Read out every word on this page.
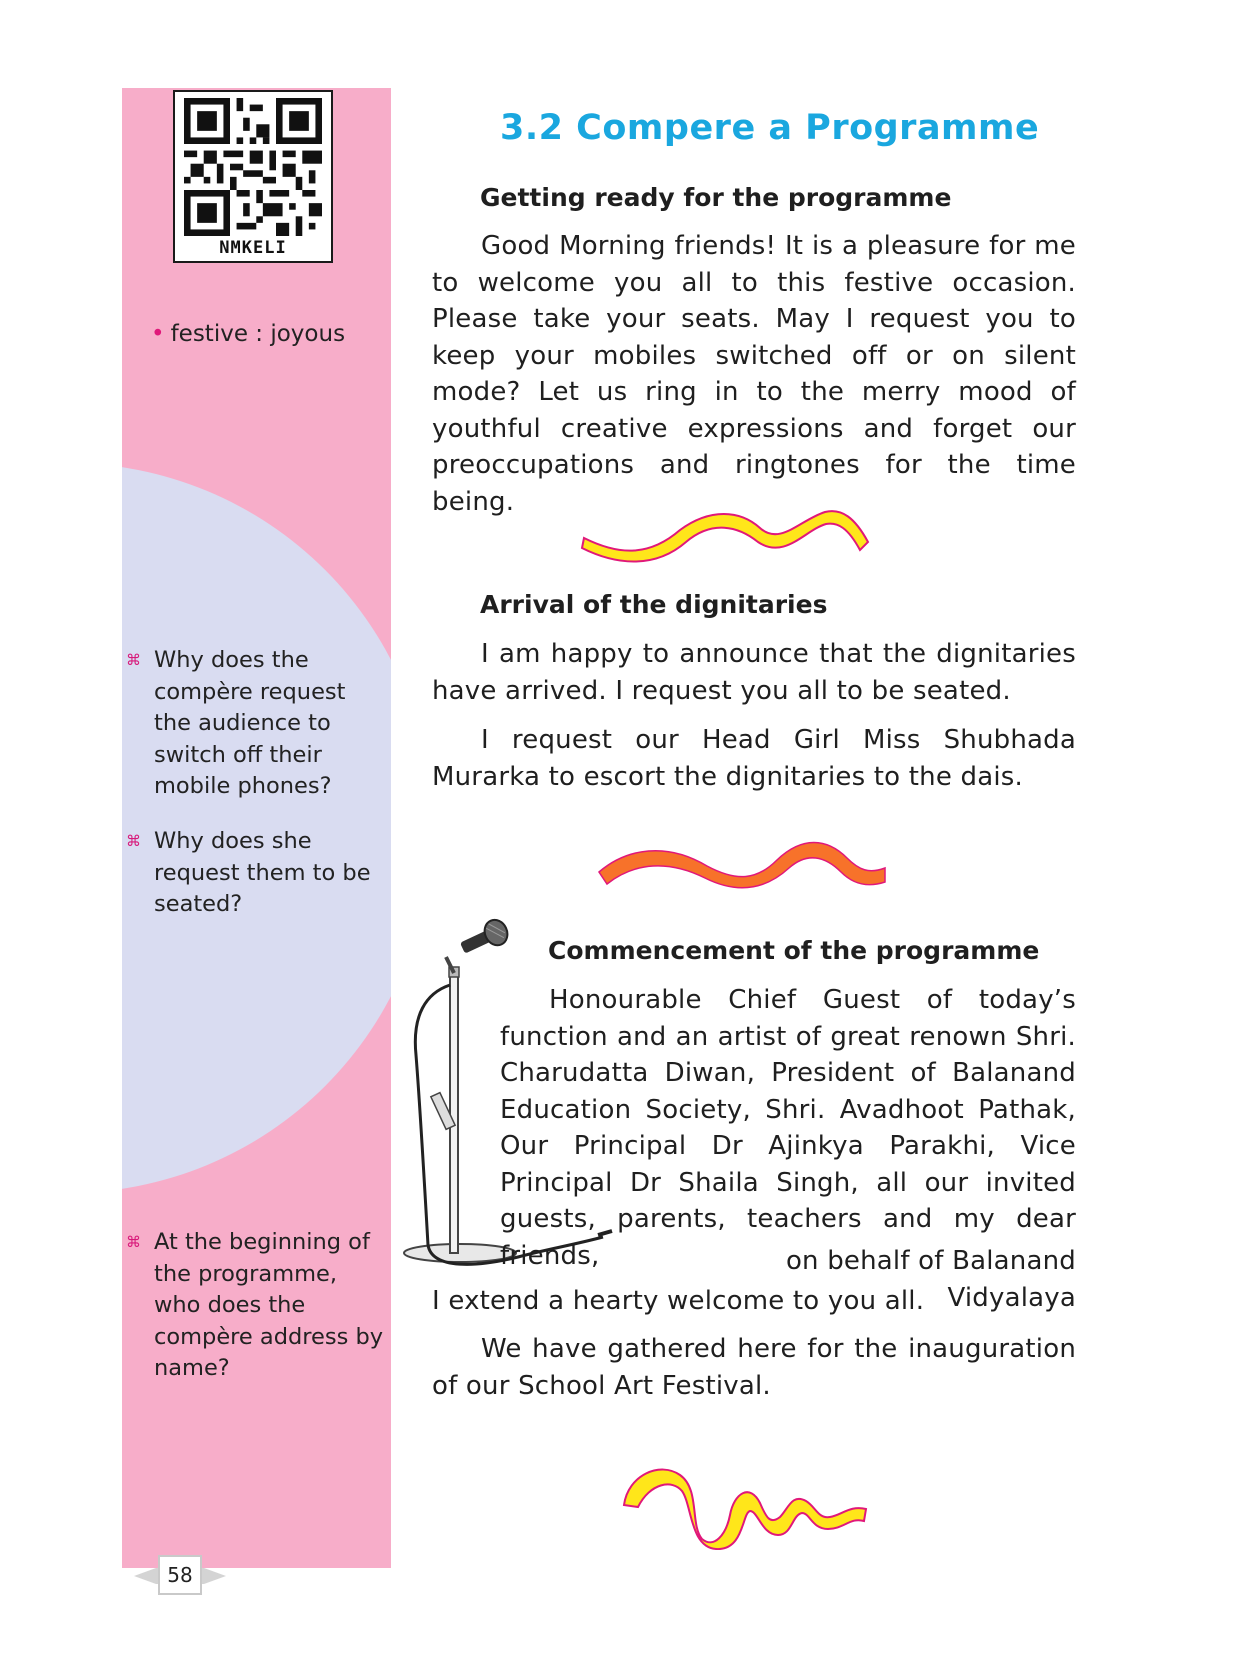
NMKELI
• festive : joyous
⌘ Why does the compère request the audience to switch off their mobile phones?
⌘ Why does she request them to be seated?
⌘ At the beginning of the programme, who does the compère address by name?
58
3.2 Compere a Programme
Getting ready for the programme
Good Morning friends! It is a pleasure for me to welcome you all to this festive occasion. Please take your seats. May I request you to keep your mobiles switched off or on silent mode? Let us ring in to the merry mood of youthful creative expressions and forget our preoccupations and ringtones for the time being.
Arrival of the dignitaries
I am happy to announce that the dignitaries have arrived. I request you all to be seated.
I request our Head Girl Miss Shubhada Murarka to escort the dignitaries to the dais.
Commencement of the programme
Honourable Chief Guest of today’s function and an artist of great renown Shri. Charudatta Diwan, President of Balanand Education Society, Shri. Avadhoot Pathak, Our Principal Dr Ajinkya Parakhi, Vice Principal Dr Shaila Singh, all our invited guests, parents, teachers and my dear friends,	on behalf of Balanand Vidyalaya
I extend a hearty welcome to you all.
We have gathered here for the inauguration of our School Art Festival.
